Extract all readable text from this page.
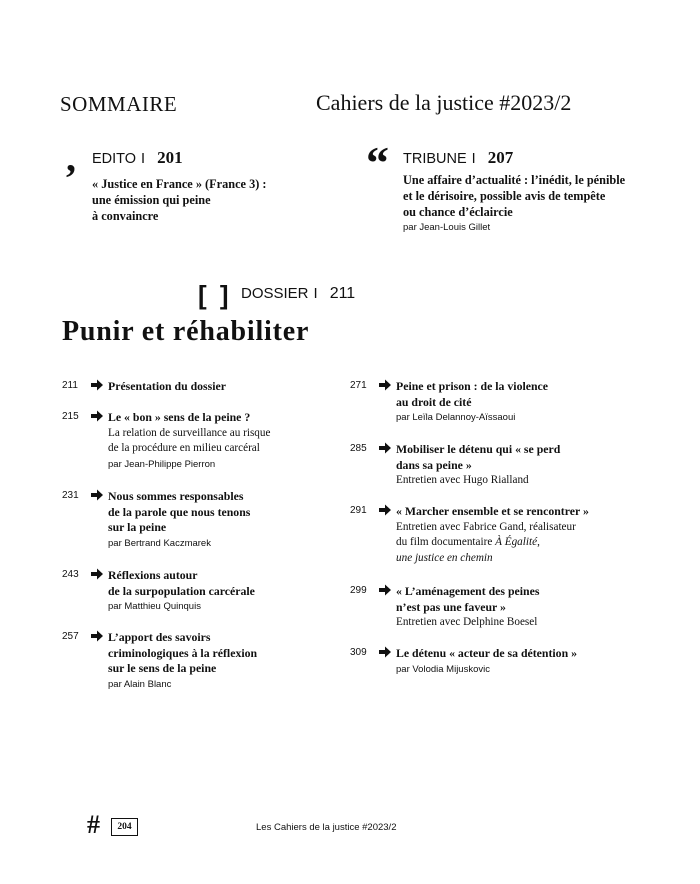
SOMMAIRE	Cahiers de la justice #2023/2
, EDITO I 201
« Justice en France » (France 3) :
une émission qui peine
à convaincre
“ TRIBUNE I 207
Une affaire d’actualité : l’inédit, le pénible
et le dérisoire, possible avis de tempête
ou chance d’éclaircie
par Jean-Louis Gillet
[ ] DOSSIER I 211
Punir et réhabiliter
211	Présentation du dossier
215	Le « bon » sens de la peine ?
La relation de surveillance au risque
de la procédure en milieu carcéral
par Jean-Philippe Pierron
231	Nous sommes responsables
de la parole que nous tenons
sur la peine
par Bertrand Kaczmarek
243	Réflexions autour
de la surpopulation carcérale
par Matthieu Quinquis
257	L’apport des savoirs
criminologiques à la réflexion
sur le sens de la peine
par Alain Blanc
271	Peine et prison : de la violence
au droit de cité
par Leïla Delannoy-Aïssaoui
285	Mobiliser le détenu qui « se perd
dans sa peine »
Entretien avec Hugo Rialland
291	« Marcher ensemble et se rencontrer »
Entretien avec Fabrice Gand, réalisateur
du film documentaire À Égalité,
une justice en chemin
299	« L’aménagement des peines
n’est pas une faveur »
Entretien avec Delphine Boesel
309	Le détenu « acteur de sa détention »
par Volodia Mijuskovic
#	204	Les Cahiers de la justice #2023/2
